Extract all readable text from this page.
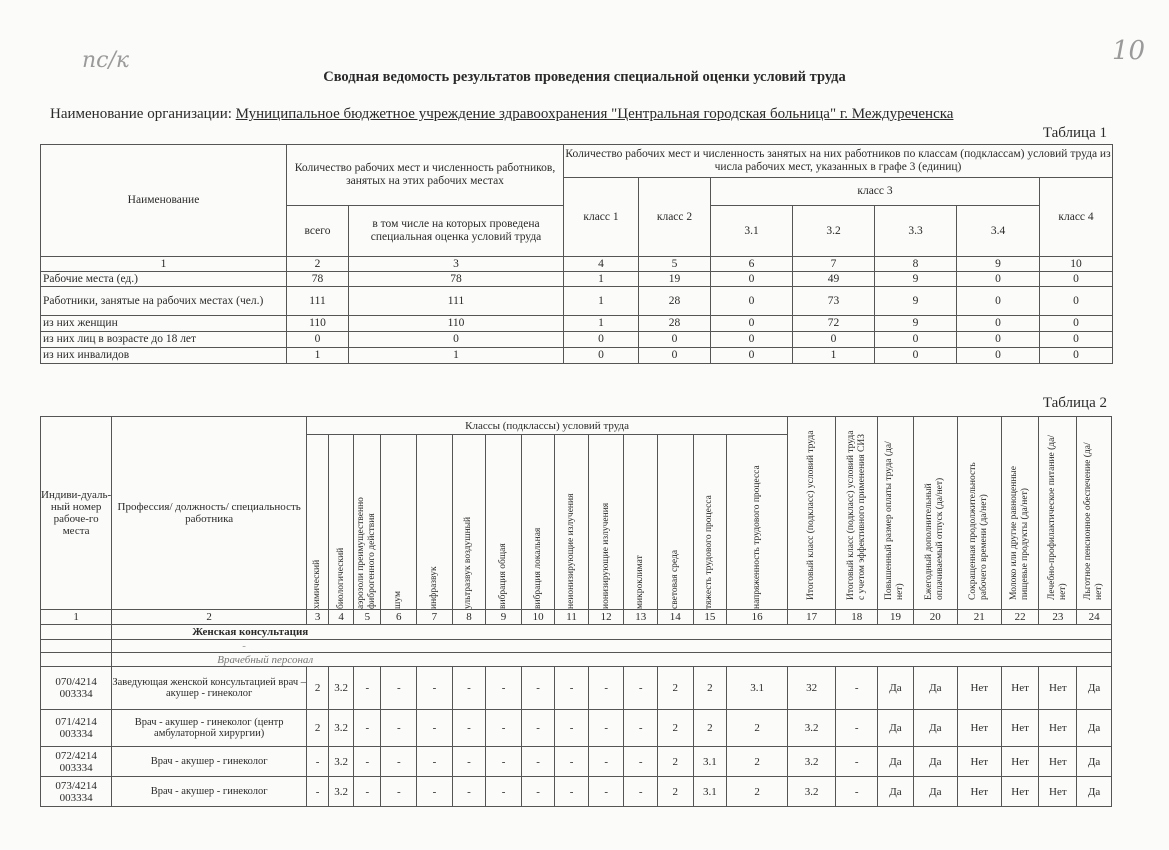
пс/к	10
Сводная ведомость результатов проведения специальной оценки условий труда
Наименование организации: Муниципальное бюджетное учреждение здравоохранения "Центральная городская больница" г. Междуреченска
Таблица 1
Наименование	Количество рабочих мест и численность работников, занятых на этих рабочих местах		Количество рабочих мест и численность занятых на них работников по классам (подклассам) условий труда из числа рабочих мест, указанных в графе 3 (единиц)						
			класс 1	класс 2	класс 3				класс 4
	всего	в том числе на которых проведена специальная оценка условий труда			3.1	3.2	3.3	3.4	
1	2	3	4	5	6	7	8	9	10
Рабочие места (ед.)	78	78	1	19	0	49	9	0	0
Работники, занятые на рабочих местах (чел.)	111	111	1	28	0	73	9	0	0
из них женщин	110	110	1	28	0	72	9	0	0
из них лиц в возрасте до 18 лет	0	0	0	0	0	0	0	0	0
из них инвалидов	1	1	0	0	0	1	0	0	0
Таблица 2
Индиви-дуаль-ный номер рабоче-го места	Профессия/ должность/ специальность работника	Классы (подклассы) условий труда														Итоговый класс (подкласс) условий труда	Итоговый класс (подкласс) условий труда с учетом эффективного применения СИЗ	Повышенный размер оплаты труда (да/нет)	Ежегодный дополнительный оплачиваемый отпуск (да/нет)	Сокращенная продолжительность рабочего времени (да/нет)	Молоко или другие равноценные пищевые продукты (да/нет)	Лечебно-профилактическое питание (да/нет)	Льготное пенсионное обеспечение (да/нет)

		химический	биологический	аэрозоли преимущественно фиброгенного действия	шум	инфразвук	ультразвук воздушный	вибрация общая	вибрация локальная	неионизирующие излучения	ионизирующие излучения	микроклимат	световая среда	тяжесть трудового процесса	напряженность трудового процесса								

1	2	3	4	5	6	7	8	9	10	11	12	13	14	15	16	17	18	19	20	21	22	23	24
	Женская консультация																						
	-																						
	Врачебный персонал																						
070/4214 003334	Заведующая женской консультацией врач – акушер - гинеколог	2	3.2	-	-	-	-	-	-	-	-	-	2	2	3.1	32	-	Да	Да	Нет	Нет	Нет	Да
071/4214 003334	Врач - акушер - гинеколог (центр амбулаторной хирургии)	2	3.2	-	-	-	-	-	-	-	-	-	2	2	2	3.2	-	Да	Да	Нет	Нет	Нет	Да
072/4214 003334	Врач - акушер - гинеколог	-	3.2	-	-	-	-	-	-	-	-	-	2	3.1	2	3.2	-	Да	Да	Нет	Нет	Нет	Да
073/4214 003334	Врач - акушер - гинеколог	-	3.2	-	-	-	-	-	-	-	-	-	2	3.1	2	3.2	-	Да	Да	Нет	Нет	Нет	Да
